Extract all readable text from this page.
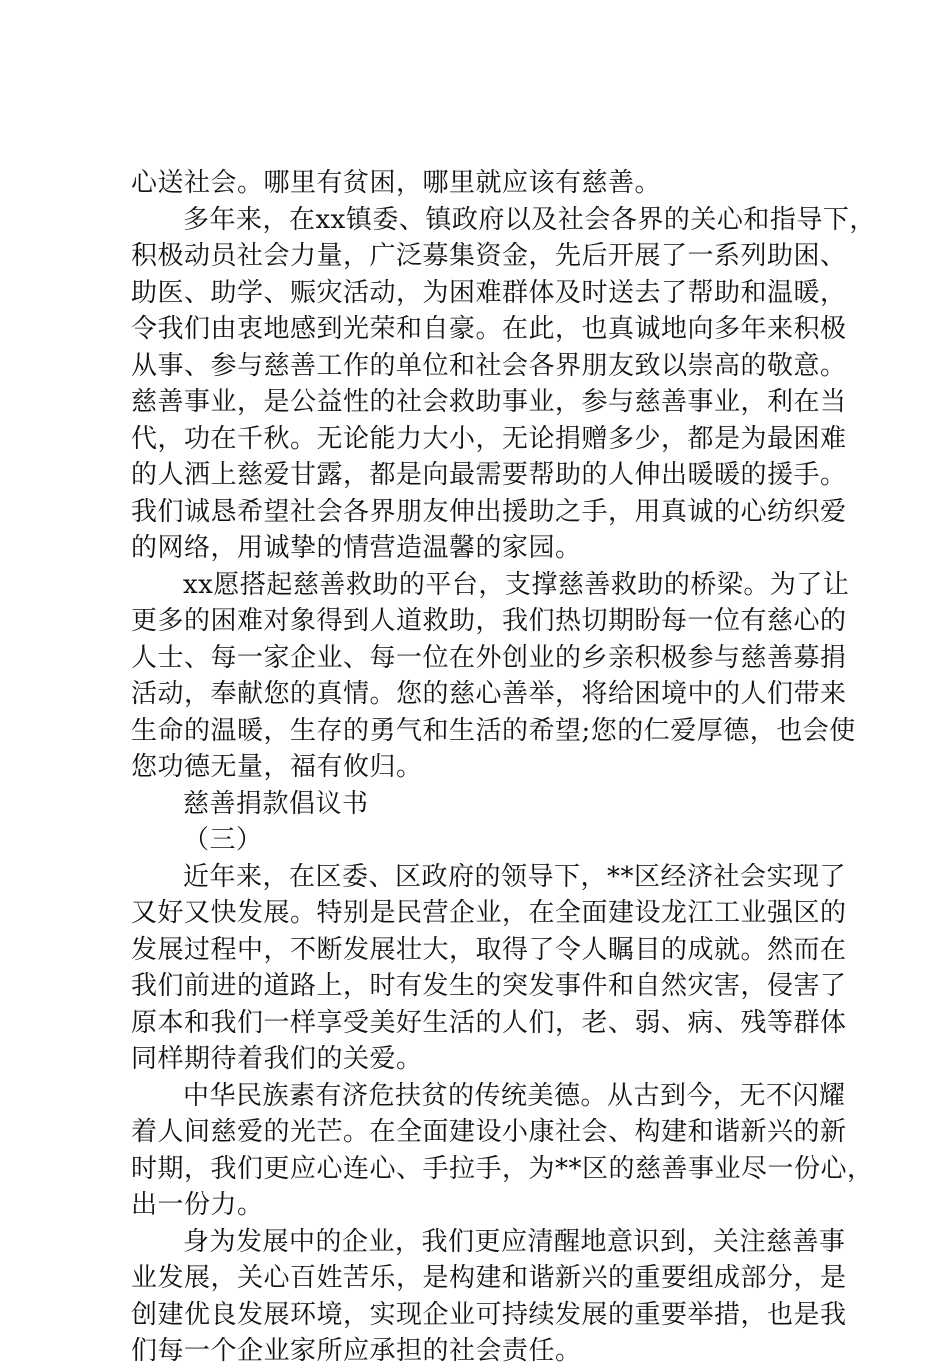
心送社会。哪里有贫困，哪里就应该有慈善。
多年来，在xx镇委、镇政府以及社会各界的关心和指导下，
积极动员社会力量，广泛募集资金，先后开展了一系列助困、
助医、助学、赈灾活动，为困难群体及时送去了帮助和温暖，
令我们由衷地感到光荣和自豪。在此，也真诚地向多年来积极
从事、参与慈善工作的单位和社会各界朋友致以崇高的敬意。
慈善事业，是公益性的社会救助事业，参与慈善事业，利在当
代，功在千秋。无论能力大小，无论捐赠多少，都是为最困难
的人洒上慈爱甘露，都是向最需要帮助的人伸出暖暖的援手。
我们诚恳希望社会各界朋友伸出援助之手，用真诚的心纺织爱
的网络，用诚挚的情营造温馨的家园。
xx愿搭起慈善救助的平台，支撑慈善救助的桥梁。为了让
更多的困难对象得到人道救助，我们热切期盼每一位有慈心的
人士、每一家企业、每一位在外创业的乡亲积极参与慈善募捐
活动，奉献您的真情。您的慈心善举，将给困境中的人们带来
生命的温暖，生存的勇气和生活的希望;您的仁爱厚德，也会使
您功德无量，福有攸归。
慈善捐款倡议书
（三）
近年来，在区委、区政府的领导下，**区经济社会实现了
又好又快发展。特别是民营企业，在全面建设龙江工业强区的
发展过程中，不断发展壮大，取得了令人瞩目的成就。然而在
我们前进的道路上，时有发生的突发事件和自然灾害，侵害了
原本和我们一样享受美好生活的人们，老、弱、病、残等群体
同样期待着我们的关爱。
中华民族素有济危扶贫的传统美德。从古到今，无不闪耀
着人间慈爱的光芒。在全面建设小康社会、构建和谐新兴的新
时期，我们更应心连心、手拉手，为**区的慈善事业尽一份心，
出一份力。
身为发展中的企业，我们更应清醒地意识到，关注慈善事
业发展，关心百姓苦乐，是构建和谐新兴的重要组成部分，是
创建优良发展环境，实现企业可持续发展的重要举措，也是我
们每一个企业家所应承担的社会责任。
